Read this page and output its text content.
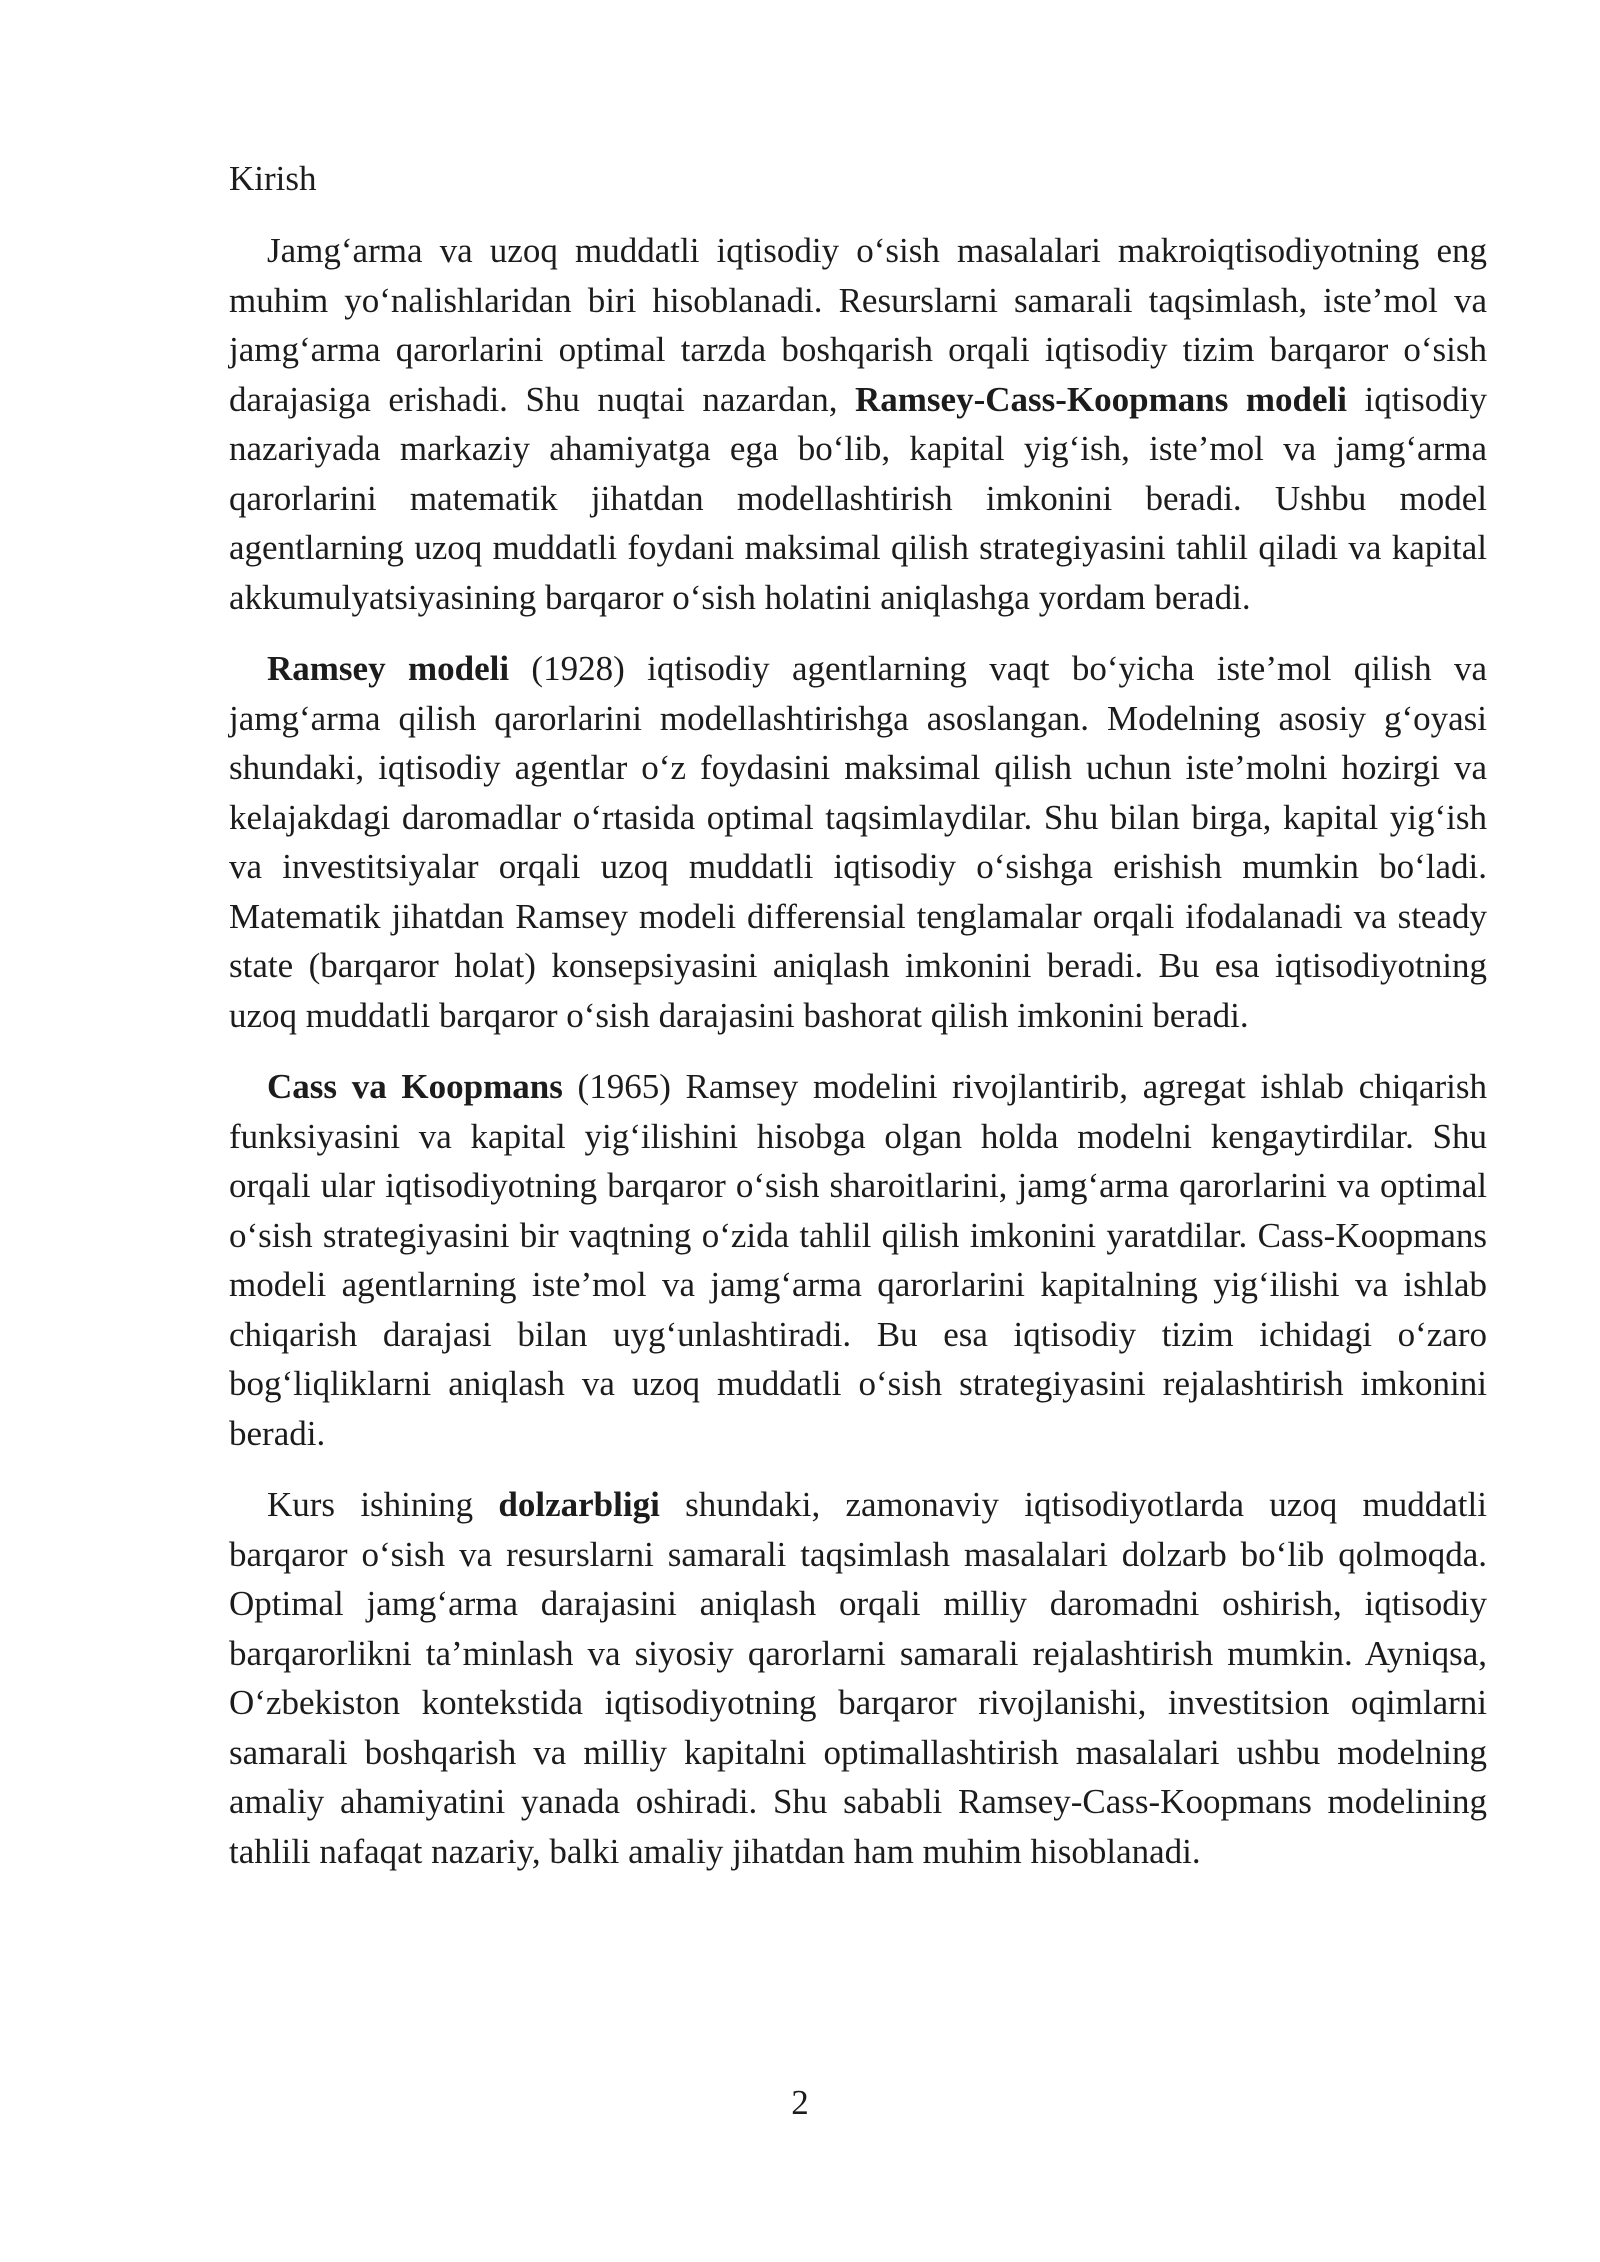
Kirish

Jamg‘arma va uzoq muddatli iqtisodiy o‘sish masalalari makroiqtisodiyotning eng muhim yo‘nalishlaridan biri hisoblanadi. Resurslarni samarali taqsimlash, iste’mol va jamg‘arma qarorlarini optimal tarzda boshqarish orqali iqtisodiy tizim barqaror o‘sish darajasiga erishadi. Shu nuqtai nazardan, Ramsey-Cass-Koopmans modeli iqtisodiy nazariyada markaziy ahamiyatga ega bo‘lib, kapital yig‘ish, iste’mol va jamg‘arma qarorlarini matematik jihatdan modellashtirish imkonini beradi. Ushbu model agentlarning uzoq muddatli foydani maksimal qilish strategiyasini tahlil qiladi va kapital akkumulyatsiyasining barqaror o‘sish holatini aniqlashga yordam beradi.

Ramsey modeli (1928) iqtisodiy agentlarning vaqt bo‘yicha iste’mol qilish va jamg‘arma qilish qarorlarini modellashtirishga asoslangan. Modelning asosiy g‘oyasi shundaki, iqtisodiy agentlar o‘z foydasini maksimal qilish uchun iste’molni hozirgi va kelajakdagi daromadlar o‘rtasida optimal taqsimlaydilar. Shu bilan birga, kapital yig‘ish va investitsiyalar orqali uzoq muddatli iqtisodiy o‘sishga erishish mumkin bo‘ladi. Matematik jihatdan Ramsey modeli differensial tenglamalar orqali ifodalanadi va steady state (barqaror holat) konsepsiyasini aniqlash imkonini beradi. Bu esa iqtisodiyotning uzoq muddatli barqaror o‘sish darajasini bashorat qilish imkonini beradi.

Cass va Koopmans (1965) Ramsey modelini rivojlantirib, agregat ishlab chiqarish funksiyasini va kapital yig‘ilishini hisobga olgan holda modelni kengaytirdilar. Shu orqali ular iqtisodiyotning barqaror o‘sish sharoitlarini, jamg‘arma qarorlarini va optimal o‘sish strategiyasini bir vaqtning o‘zida tahlil qilish imkonini yaratdilar. Cass-Koopmans modeli agentlarning iste’mol va jamg‘arma qarorlarini kapitalning yig‘ilishi va ishlab chiqarish darajasi bilan uyg‘unlashtiradi. Bu esa iqtisodiy tizim ichidagi o‘zaro bog‘liqliklarni aniqlash va uzoq muddatli o‘sish strategiyasini rejalashtirish imkonini beradi.

Kurs ishining dolzarbligi shundaki, zamonaviy iqtisodiyotlarda uzoq muddatli barqaror o‘sish va resurslarni samarali taqsimlash masalalari dolzarb bo‘lib qolmoqda. Optimal jamg‘arma darajasini aniqlash orqali milliy daromadni oshirish, iqtisodiy barqarorlikni ta’minlash va siyosiy qarorlarni samarali rejalashtirish mumkin. Ayniqsa, O‘zbekiston kontekstida iqtisodiyotning barqaror rivojlanishi, investitsion oqimlarni samarali boshqarish va milliy kapitalni optimallashtirish masalalari ushbu modelning amaliy ahamiyatini yanada oshiradi. Shu sababli Ramsey-Cass-Koopmans modelining tahlili nafaqat nazariy, balki amaliy jihatdan ham muhim hisoblanadi.

2
